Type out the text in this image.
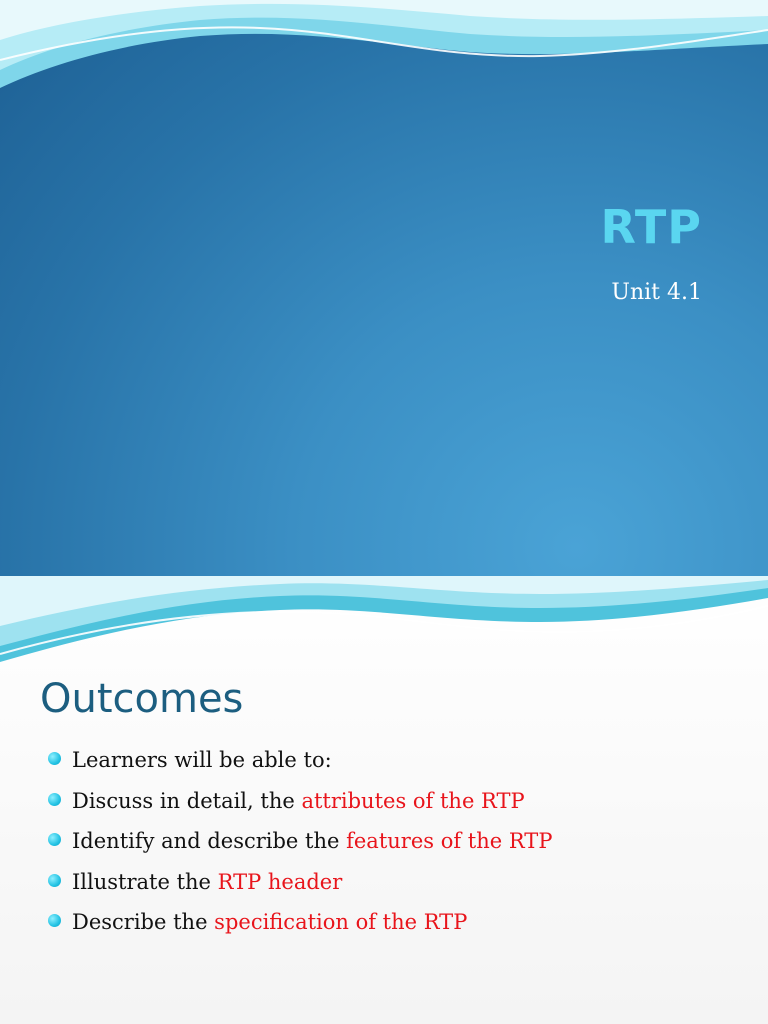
RTP
Unit 4.1
Outcomes
Learners will be able to:
Discuss in detail, the attributes of the RTP
Identify and describe the features of the RTP
Illustrate the RTP header
Describe the specification of the RTP
